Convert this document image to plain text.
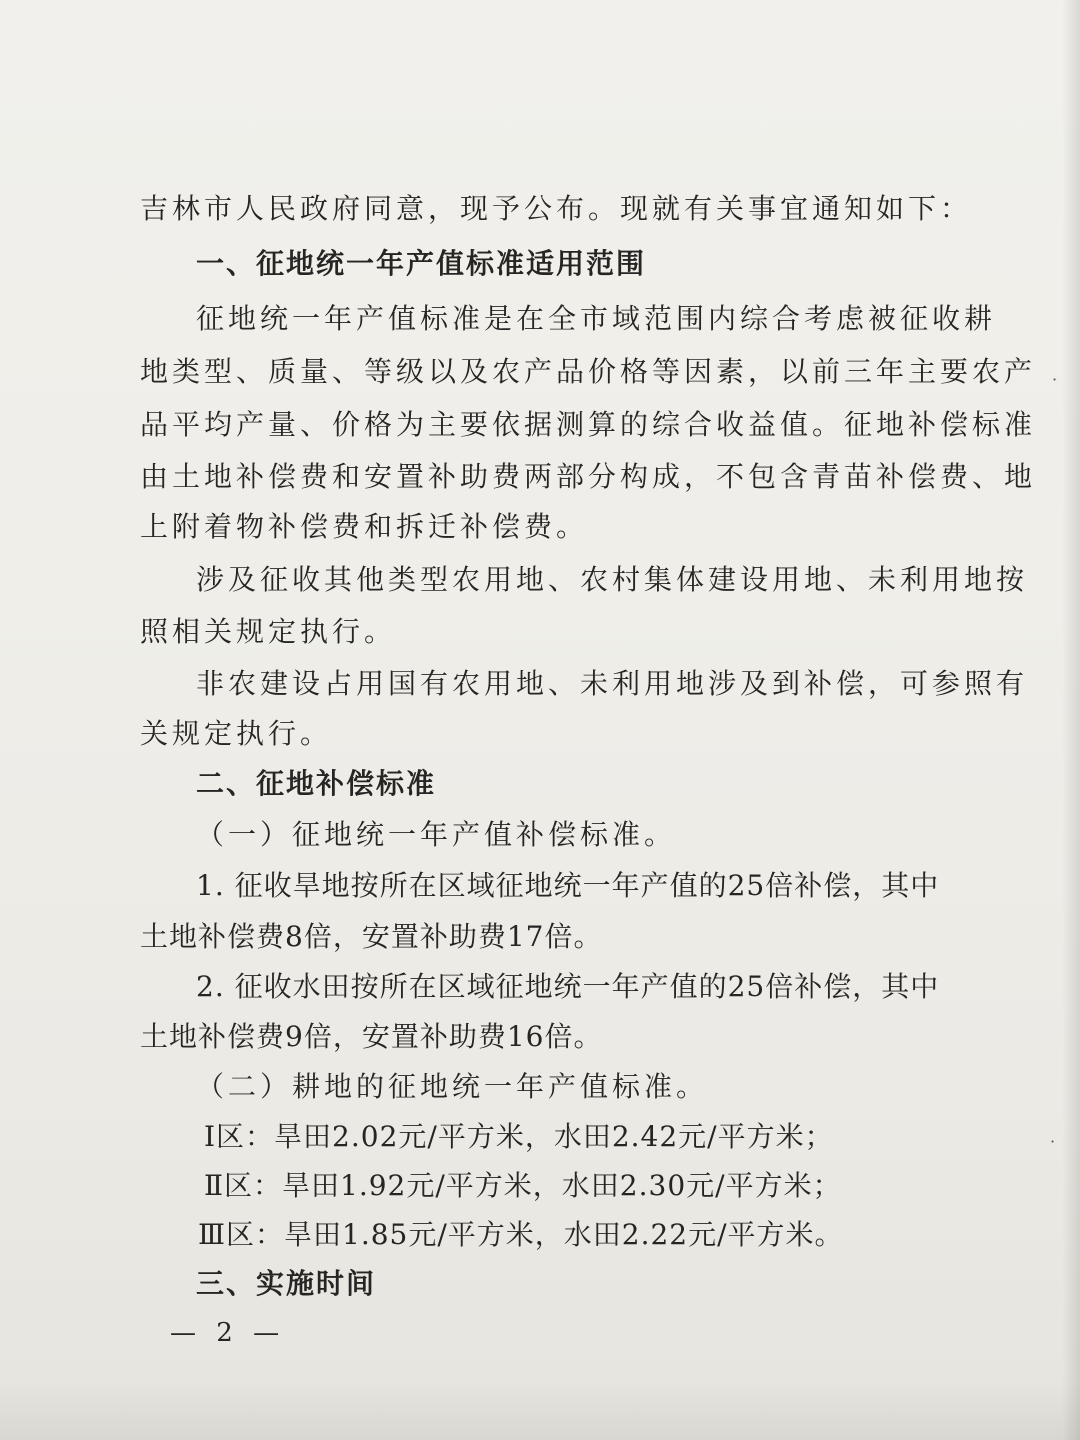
吉林市人民政府同意，现予公布。现就有关事宜通知如下：
一、征地统一年产值标准适用范围
征地统一年产值标准是在全市域范围内综合考虑被征收耕
地类型、质量、等级以及农产品价格等因素，以前三年主要农产
品平均产量、价格为主要依据测算的综合收益值。征地补偿标准
由土地补偿费和安置补助费两部分构成，不包含青苗补偿费、地
上附着物补偿费和拆迁补偿费。
涉及征收其他类型农用地、农村集体建设用地、未利用地按
照相关规定执行。
非农建设占用国有农用地、未利用地涉及到补偿，可参照有
关规定执行。
二、征地补偿标准
（一）征地统一年产值补偿标准。
1. 征收旱地按所在区域征地统一年产值的25倍补偿，其中
土地补偿费8倍，安置补助费17倍。
2. 征收水田按所在区域征地统一年产值的25倍补偿，其中
土地补偿费9倍，安置补助费16倍。
（二）耕地的征地统一年产值标准。
Ⅰ区：旱田2.02元/平方米，水田2.42元/平方米；
Ⅱ区：旱田1.92元/平方米，水田2.30元/平方米；
Ⅲ区：旱田1.85元/平方米，水田2.22元/平方米。
三、实施时间
— 2 —
·
·
